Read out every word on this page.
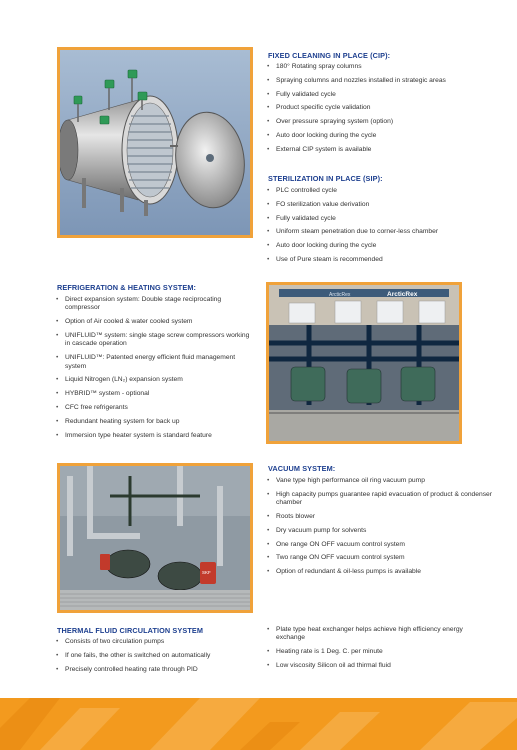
FIXED CLEANING IN PLACE (CIP):
• 180° Rotating spray columns
• Spraying columns and nozzles installed in strategic areas
• Fully validated cycle
• Product specific cycle validation
• Over pressure spraying system (option)
• Auto door locking during the cycle
• External CIP system is available
STERILIZATION IN PLACE (SIP):
• PLC controlled cycle
• FO sterilization value derivation
• Fully validated cycle
• Uniform steam penetration due to corner-less chamber
• Auto door locking during the cycle
• Use of Pure steam is recommended
REFRIGERATION & HEATING SYSTEM:
• Direct expansion system: Double stage reciprocating compressor
• Option of Air cooled & water cooled system
• UNIFLUID™ system: single stage screw compressors working in cascade operation
• UNIFLUID™: Patented energy efficient fluid management system
• Liquid Nitrogen (LN₂) expansion system
• HYBRID™ system - optional
• CFC free refrigerants
• Redundant heating system for back up
• Immersion type heater system is standard feature
ArcticRex
ArcticRex
SKF
VACUUM SYSTEM:
• Vane type high performance oil ring vacuum pump
• High capacity pumps guarantee rapid evacuation of product & condenser chamber
• Roots blower
• Dry vacuum pump for solvents
• One range ON OFF vacuum control system
• Two range ON OFF vacuum control system
• Option of redundant & oil-less pumps is available
THERMAL FLUID CIRCULATION SYSTEM
• Consists of two circulation pumps
• If one fails, the other is switched on automatically
• Precisely controlled heating rate through PID
• Plate type heat exchanger helps achieve high efficiency energy exchange
• Heating rate is 1 Deg. C. per minute
• Low viscosity Silicon oil ad thirmal fluid
